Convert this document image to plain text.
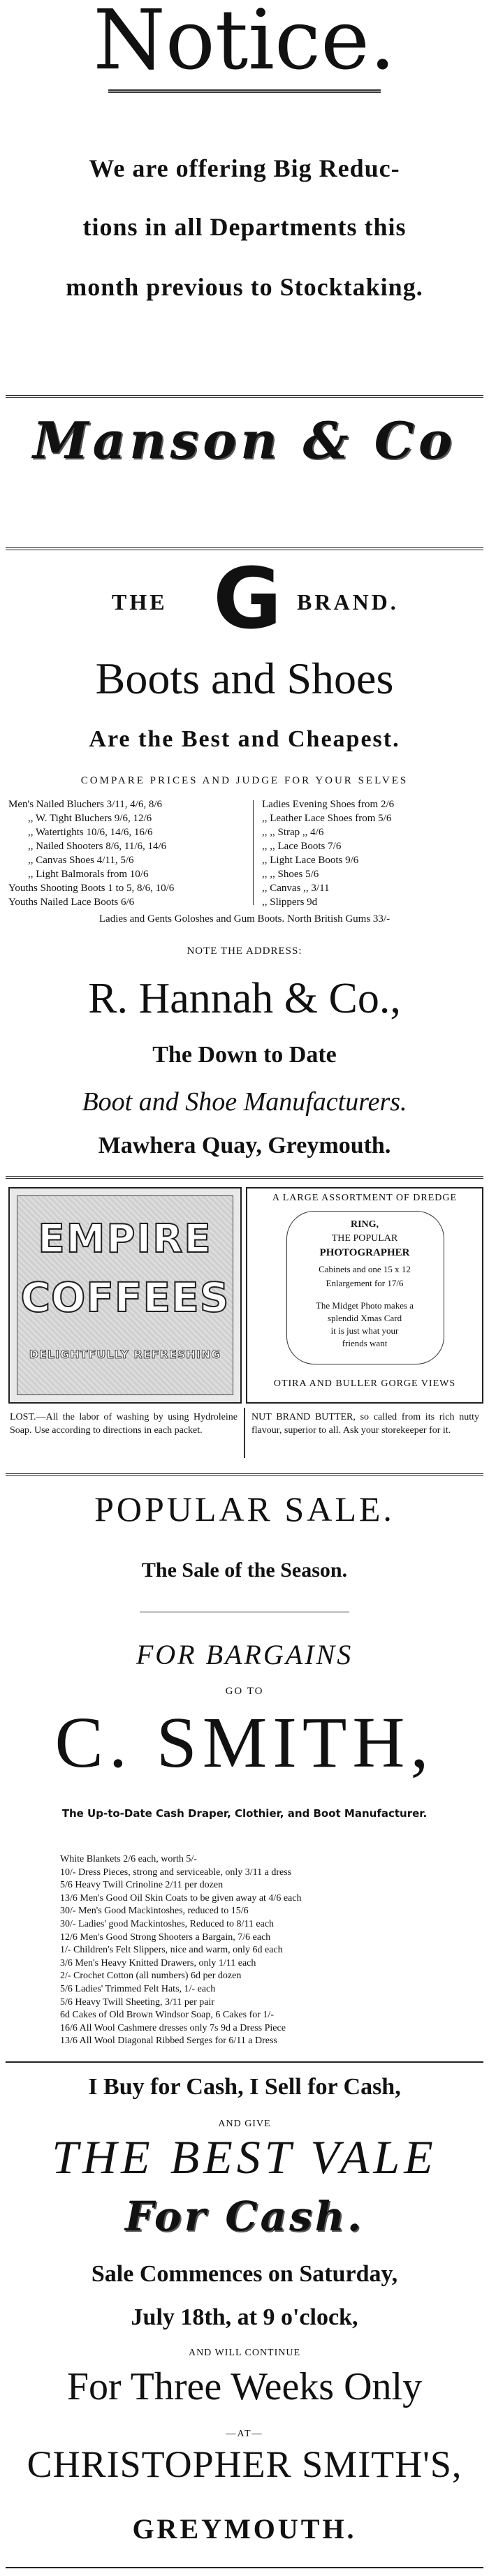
Notice.
We are offering Big Reduc-
tions in all Departments this
month previous to Stocktaking.
Manson & Co
THE G BRAND.
Boots and Shoes
Are the Best and Cheapest.
COMPARE PRICES AND JUDGE FOR YOUR SELVES
Men's Nailed Bluchers 3/11, 4/6, 8/6
,, W. Tight Bluchers 9/6, 12/6
,, Watertights 10/6, 14/6, 16/6
,, Nailed Shooters 8/6, 11/6, 14/6
,, Canvas Shoes 4/11, 5/6
,, Light Balmorals from 10/6
Youths Shooting Boots 1 to 5, 8/6, 10/6
Youths Nailed Lace Boots 6/6
Ladies Evening Shoes from 2/6
,, Leather Lace Shoes from 5/6
,, ,, Strap ,, 4/6
,, ,, Lace Boots 7/6
,, Light Lace Boots 9/6
,, ,, Shoes 5/6
,, Canvas ,, 3/11
,, Slippers 9d
Ladies and Gents Goloshes and Gum Boots. North British Gums 33/-
NOTE THE ADDRESS:
R. Hannah & Co.,
The Down to Date
Boot and Shoe Manufacturers.
Mawhera Quay, Greymouth.
EMPIRE
COFFEES
DELIGHTFULLY REFRESHING
A LARGE ASSORTMENT OF DREDGE
RING,
THE POPULAR
PHOTOGRAPHER
Cabinets and one 15 x 12
Enlargement for 17/6
The Midget Photo makes a
splendid Xmas Card
it is just what your
friends want
OTIRA AND BULLER GORGE VIEWS
LOST.—All the labor of washing by using Hydroleine Soap. Use according to directions in each packet.
NUT BRAND BUTTER, so called from its rich nutty flavour, superior to all. Ask your storekeeper for it.
POPULAR SALE.
The Sale of the Season.
FOR BARGAINS
GO TO
C. SMITH,
The Up-to-Date Cash Draper, Clothier, and Boot Manufacturer.
White Blankets 2/6 each, worth 5/-
10/- Dress Pieces, strong and serviceable, only 3/11 a dress
5/6 Heavy Twill Crinoline 2/11 per dozen
13/6 Men's Good Oil Skin Coats to be given away at 4/6 each
30/- Men's Good Mackintoshes, reduced to 15/6
30/- Ladies' good Mackintoshes, Reduced to 8/11 each
12/6 Men's Good Strong Shooters a Bargain, 7/6 each
1/- Children's Felt Slippers, nice and warm, only 6d each
3/6 Men's Heavy Knitted Drawers, only 1/11 each
2/- Crochet Cotton (all numbers) 6d per dozen
5/6 Ladies' Trimmed Felt Hats, 1/- each
5/6 Heavy Twill Sheeting, 3/11 per pair
6d Cakes of Old Brown Windsor Soap, 6 Cakes for 1/-
16/6 All Wool Cashmere dresses only 7s 9d a Dress Piece
13/6 All Wool Diagonal Ribbed Serges for 6/11 a Dress
I Buy for Cash, I Sell for Cash,
AND GIVE
THE BEST VALE
For Cash.
Sale Commences on Saturday,
July 18th, at 9 o'clock,
AND WILL CONTINUE
For Three Weeks Only
—AT—
CHRISTOPHER SMITH'S,
GREYMOUTH.
